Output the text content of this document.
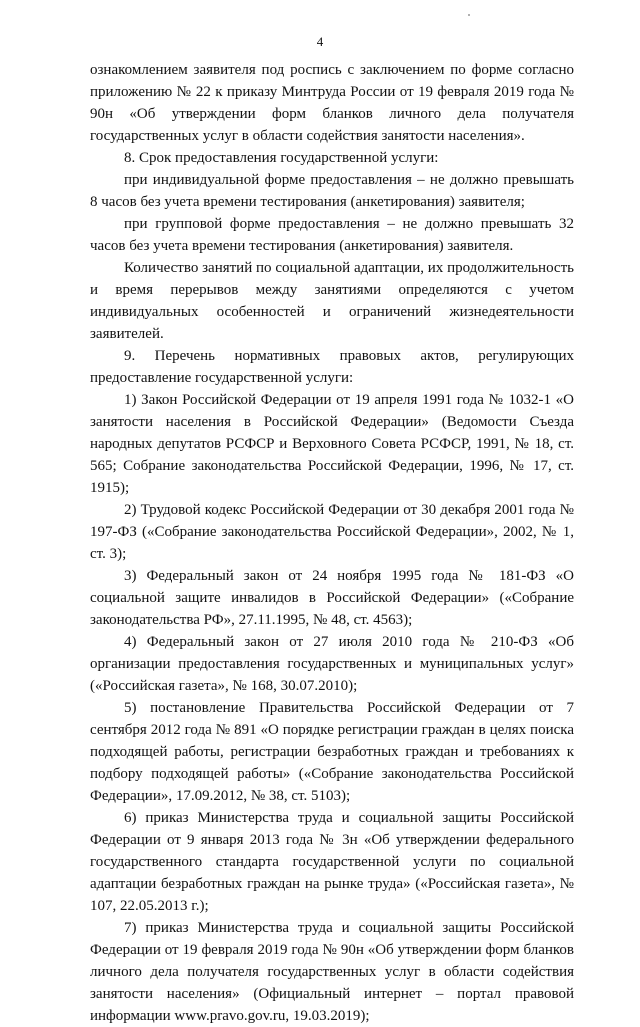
4

ознакомлением заявителя под роспись с заключением по форме согласно приложению № 22 к приказу Минтруда России от 19 февраля 2019 года № 90н «Об утверждении форм бланков личного дела получателя государственных услуг в области содействия занятости населения».

8. Срок предоставления государственной услуги:

при индивидуальной форме предоставления – не должно превышать 8 часов без учета времени тестирования (анкетирования) заявителя;

при групповой форме предоставления – не должно превышать 32 часов без учета времени тестирования (анкетирования) заявителя.

Количество занятий по социальной адаптации, их продолжительность и время перерывов между занятиями определяются с учетом индивидуальных особенностей и ограничений жизнедеятельности заявителей.

9. Перечень нормативных правовых актов, регулирующих предоставление государственной услуги:

1) Закон Российской Федерации от 19 апреля 1991 года № 1032-1 «О занятости населения в Российской Федерации» (Ведомости Съезда народных депутатов РСФСР и Верховного Совета РСФСР, 1991, № 18, ст. 565; Собрание законодательства Российской Федерации, 1996, № 17, ст. 1915);

2) Трудовой кодекс Российской Федерации от 30 декабря 2001 года № 197-ФЗ («Собрание законодательства Российской Федерации», 2002, № 1, ст. 3);

3) Федеральный закон от 24 ноября 1995 года № 181-ФЗ «О социальной защите инвалидов в Российской Федерации» («Собрание законодательства РФ», 27.11.1995, № 48, ст. 4563);

4) Федеральный закон от 27 июля 2010 года № 210-ФЗ «Об организации предоставления государственных и муниципальных услуг» («Российская газета», № 168, 30.07.2010);

5) постановление Правительства Российской Федерации от 7 сентября 2012 года № 891 «О порядке регистрации граждан в целях поиска подходящей работы, регистрации безработных граждан и требованиях к подбору подходящей работы» («Собрание законодательства Российской Федерации», 17.09.2012, № 38, ст. 5103);

6) приказ Министерства труда и социальной защиты Российской Федерации от 9 января 2013 года № 3н «Об утверждении федерального государственного стандарта государственной услуги по социальной адаптации безработных граждан на рынке труда» («Российская газета», № 107, 22.05.2013 г.);

7) приказ Министерства труда и социальной защиты Российской Федерации от 19 февраля 2019 года № 90н «Об утверждении форм бланков личного дела получателя государственных услуг в области содействия занятости населения» (Официальный интернет – портал правовой информации www.pravo.gov.ru, 19.03.2019);
